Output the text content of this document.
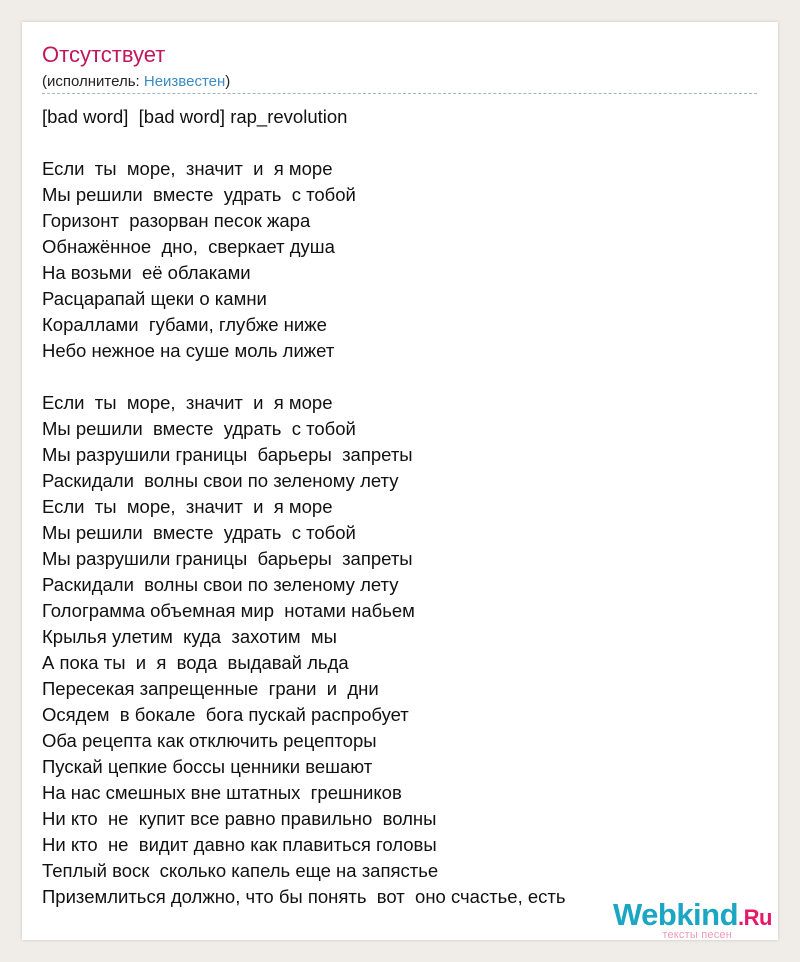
Отсутствует
(исполнитель: Неизвестен)
[bad word]  [bad word] rap_revolution
Если  ты  море,  значит  и  я море
Мы решили  вместе  удрать  с тобой
Горизонт  разорван песок жара
Обнажённое  дно,  сверкает душа
На возьми  её облаками
Расцарапай щеки о камни
Кораллами  губами, глубже ниже
Небо нежное на суше моль лижет
Если  ты  море,  значит  и  я море
Мы решили  вместе  удрать  с тобой
Мы разрушили границы  барьеры  запреты
Раскидали  волны свои по зеленому лету
Если  ты  море,  значит  и  я море
Мы решили  вместе  удрать  с тобой
Мы разрушили границы  барьеры  запреты
Раскидали  волны свои по зеленому лету
Голограмма объемная мир  нотами набьем
Крылья улетим  куда  захотим  мы
А пока ты  и  я  вода  выдавай льда
Пересекая запрещенные  грани  и  дни
Осядем  в бокале  бога пускай распробует
Оба рецепта как отключить рецепторы
Пускай цепкие боссы ценники вешают
На нас смешных вне штатных  грешников
Ни кто  не  купит все равно правильно  волны
Ни кто  не  видит давно как плавиться головы
Теплый воск  сколько капель еще на запястье
Приземлиться должно, что бы понять  вот  оно счастье, есть
Webkind.Ru
тексты песен
